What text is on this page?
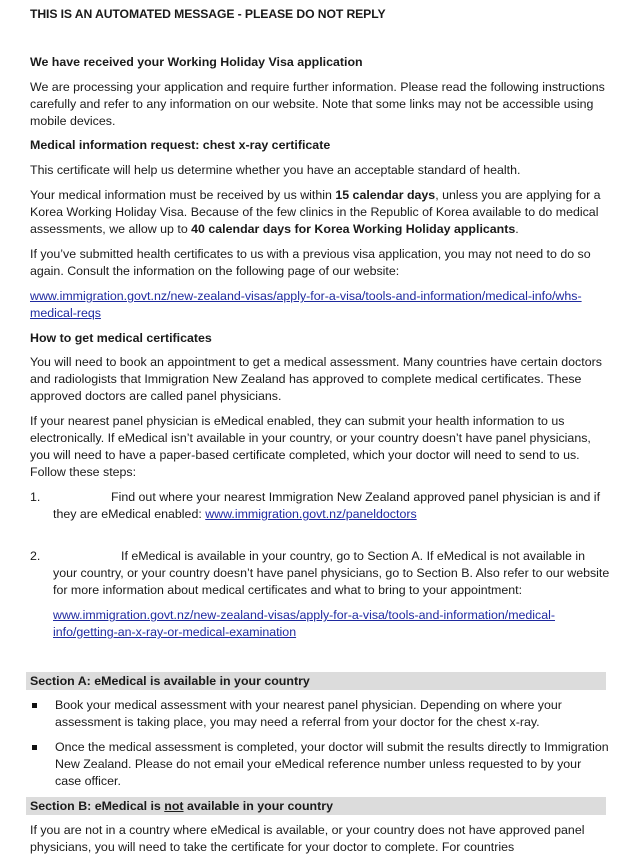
THIS IS AN AUTOMATED MESSAGE - PLEASE DO NOT REPLY
We have received your Working Holiday Visa application
We are processing your application and require further information. Please read the following instructions carefully and refer to any information on our website. Note that some links may not be accessible using mobile devices.
Medical information request: chest x-ray certificate
This certificate will help us determine whether you have an acceptable standard of health.
Your medical information must be received by us within 15 calendar days, unless you are applying for a Korea Working Holiday Visa. Because of the few clinics in the Republic of Korea available to do medical assessments, we allow up to 40 calendar days for Korea Working Holiday applicants.
If you’ve submitted health certificates to us with a previous visa application, you may not need to do so again. Consult the information on the following page of our website:
www.immigration.govt.nz/new-zealand-visas/apply-for-a-visa/tools-and-information/medical-info/whs-medical-reqs
How to get medical certificates
You will need to book an appointment to get a medical assessment. Many countries have certain doctors and radiologists that Immigration New Zealand has approved to complete medical certificates. These approved doctors are called panel physicians.
If your nearest panel physician is eMedical enabled, they can submit your health information to us electronically. If eMedical isn’t available in your country, or your country doesn’t have panel physicians, you will need to have a paper-based certificate completed, which your doctor will need to send to us. Follow these steps:
1.	Find out where your nearest Immigration New Zealand approved panel physician is and if they are eMedical enabled: www.immigration.govt.nz/paneldoctors
2.	If eMedical is available in your country, go to Section A. If eMedical is not available in your country, or your country doesn’t have panel physicians, go to Section B. Also refer to our website for more information about medical certificates and what to bring to your appointment:
www.immigration.govt.nz/new-zealand-visas/apply-for-a-visa/tools-and-information/medical-info/getting-an-x-ray-or-medical-examination
Section A: eMedical is available in your country
Book your medical assessment with your nearest panel physician. Depending on where your assessment is taking place, you may need a referral from your doctor for the chest x-ray.
Once the medical assessment is completed, your doctor will submit the results directly to Immigration New Zealand. Please do not email your eMedical reference number unless requested to by your case officer.
Section B: eMedical is not available in your country
If you are not in a country where eMedical is available, or your country does not have approved panel physicians, you will need to take the certificate for your doctor to complete. For countries
